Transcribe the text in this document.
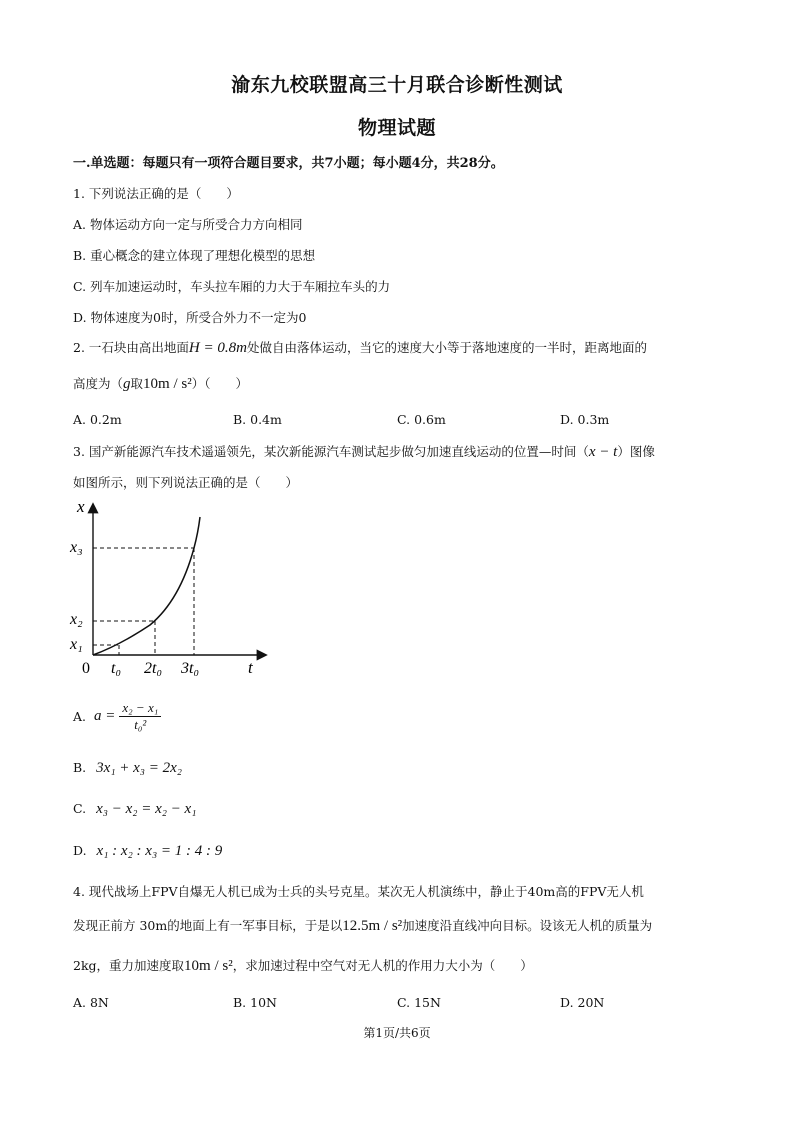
渝东九校联盟高三十月联合诊断性测试
物理试题
一.单选题：每题只有一项符合题目要求，共7小题；每小题4分，共28分。
1. 下列说法正确的是（　　）
A. 物体运动方向一定与所受合力方向相同
B. 重心概念的建立体现了理想化模型的思想
C. 列车加速运动时，车头拉车厢的力大于车厢拉车头的力
D. 物体速度为0时，所受合外力不一定为0
2. 一石块由高出地面H = 0.8m处做自由落体运动，当它的速度大小等于落地速度的一半时，距离地面的
高度为（g取10m / s²）（　　）
A. 0.2m	B. 0.4m	C. 0.6m	D. 0.3m
3. 国产新能源汽车技术遥遥领先，某次新能源汽车测试起步做匀加速直线运动的位置—时间（x − t）图像
如图所示，则下列说法正确的是（　　）
x
t
0
x₁
x₂
x₃
t₀ 2t₀ 3t₀
A. $a = \frac{\text{x₂ − x₁}}{\text{t₀²}}$
B. 3x₁ + x₃ = 2x₂
C. x₃ − x₂ = x₂ − x₁
D. x₁ : x₂ : x₃ = 1 : 4 : 9
4. 现代战场上FPV自爆无人机已成为士兵的头号克星。某次无人机演练中，静止于40m高的FPV无人机
发现正前方 30m的地面上有一军事目标，于是以12.5m / s²加速度沿直线冲向目标。设该无人机的质量为
2kg，重力加速度取10m / s²，求加速过程中空气对无人机的作用力大小为（　　）
A. 8N	B. 10N	C. 15N	D. 20N
第1页/共6页
